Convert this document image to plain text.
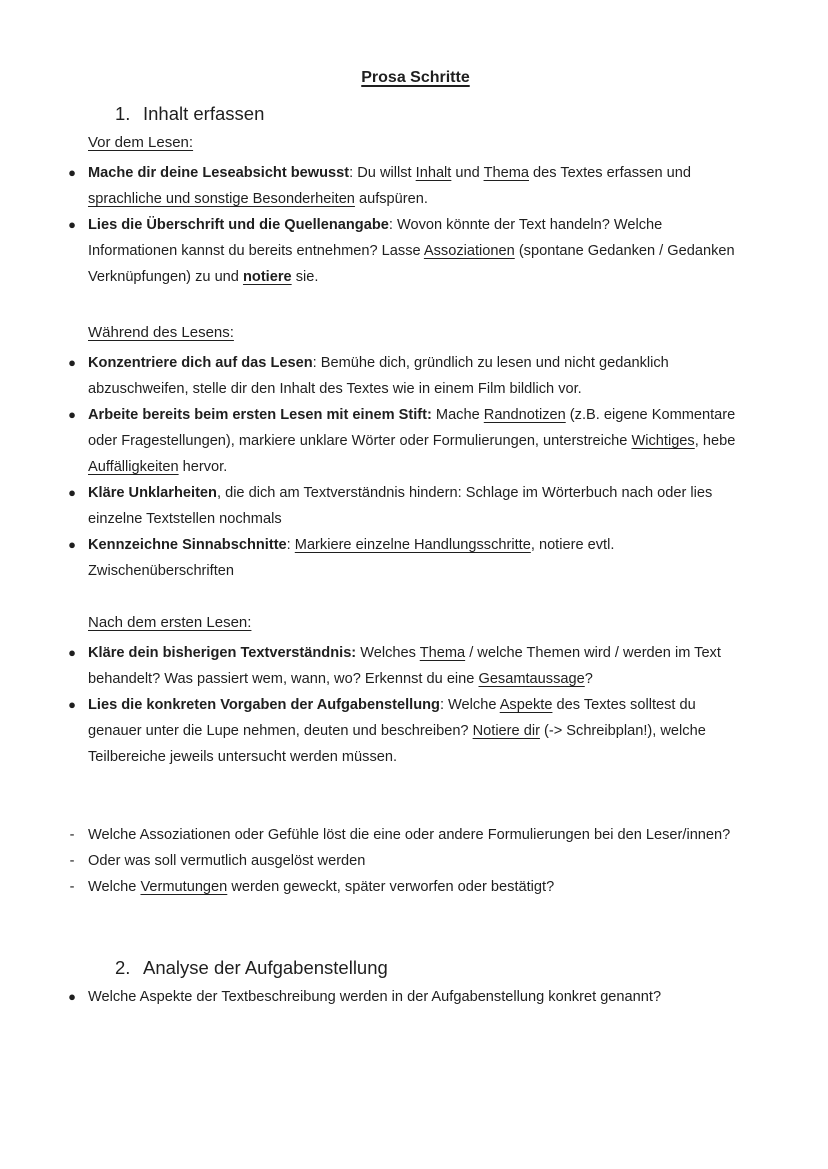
Prosa Schritte
1. Inhalt erfassen
Vor dem Lesen:
● Mache dir deine Leseabsicht bewusst: Du willst Inhalt und Thema des Textes erfassen und sprachliche und sonstige Besonderheiten aufspüren.
● Lies die Überschrift und die Quellenangabe: Wovon könnte der Text handeln? Welche Informationen kannst du bereits entnehmen? Lasse Assoziationen (spontane Gedanken / Gedanken Verknüpfungen) zu und notiere sie.
Während des Lesens:
● Konzentriere dich auf das Lesen: Bemühe dich, gründlich zu lesen und nicht gedanklich abzuschweifen, stelle dir den Inhalt des Textes wie in einem Film bildlich vor.
● Arbeite bereits beim ersten Lesen mit einem Stift: Mache Randnotizen (z.B. eigene Kommentare oder Fragestellungen), markiere unklare Wörter oder Formulierungen, unterstreiche Wichtiges, hebe Auffälligkeiten hervor.
● Kläre Unklarheiten, die dich am Textverständnis hindern: Schlage im Wörterbuch nach oder lies einzelne Textstellen nochmals
● Kennzeichne Sinnabschnitte: Markiere einzelne Handlungsschritte, notiere evtl. Zwischenüberschriften
Nach dem ersten Lesen:
● Kläre dein bisherigen Textverständnis: Welches Thema / welche Themen wird / werden im Text behandelt? Was passiert wem, wann, wo? Erkennst du eine Gesamtaussage?
● Lies die konkreten Vorgaben der Aufgabenstellung: Welche Aspekte des Textes solltest du genauer unter die Lupe nehmen, deuten und beschreiben? Notiere dir (-> Schreibplan!), welche Teilbereiche jeweils untersucht werden müssen.
- Welche Assoziationen oder Gefühle löst die eine oder andere Formulierungen bei den Leser/innen?
- Oder was soll vermutlich ausgelöst werden
- Welche Vermutungen werden geweckt, später verworfen oder bestätigt?
2. Analyse der Aufgabenstellung
● Welche Aspekte der Textbeschreibung werden in der Aufgabenstellung konkret genannt?
